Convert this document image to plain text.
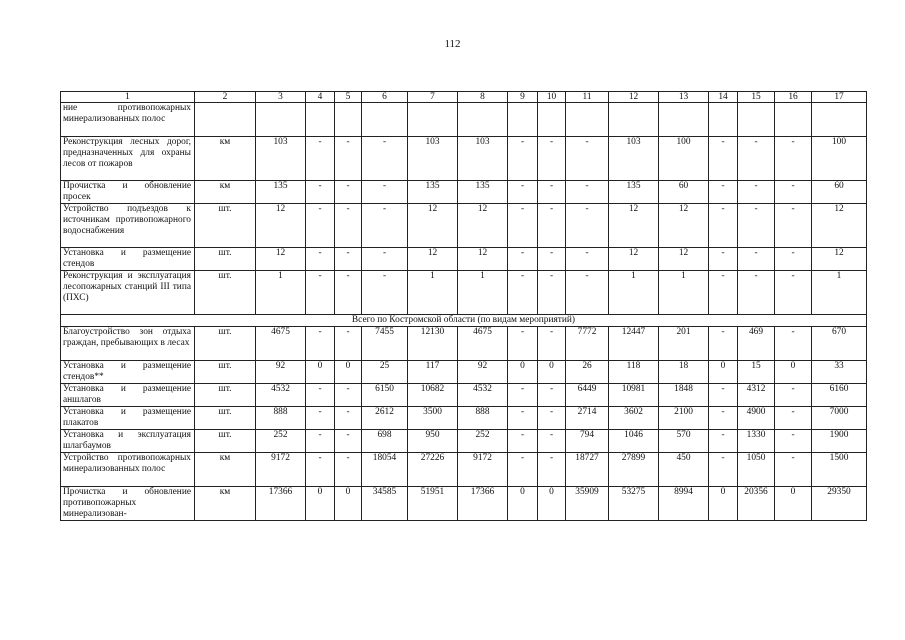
112
1	2	3	4	5	6	7	8	9	10	11	12	13	14	15	16	17
ние противопожарных минерализованных полос																
Реконструкция лесных дорог, предназначенных для охраны лесов от пожаров	км	103	-	-	-	103	103	-	-	-	103	100	-	-	-	100
Прочистка и обновление просек	км	135	-	-	-	135	135	-	-	-	135	60	-	-	-	60
Устройство подъездов к источникам противопожарного водоснабжения	шт.	12	-	-	-	12	12	-	-	-	12	12	-	-	-	12
Установка и размещение стендов	шт.	12	-	-	-	12	12	-	-	-	12	12	-	-	-	12
Реконструкция и эксплуатация лесопожарных станций III типа (ПХС)	шт.	1	-	-	-	1	1	-	-	-	1	1	-	-	-	1
Всего по Костромской области (по видам мероприятий)																
Благоустройство зон отдыха граждан, пребывающих в лесах	шт.	4675	-	-	7455	12130	4675	-	-	7772	12447	201	-	469	-	670
Установка и размещение стендов**	шт.	92	0	0	25	117	92	0	0	26	118	18	0	15	0	33
Установка и размещение аншлагов	шт.	4532	-	-	6150	10682	4532	-	-	6449	10981	1848	-	4312	-	6160
Установка и размещение плакатов	шт.	888	-	-	2612	3500	888	-	-	2714	3602	2100	-	4900	-	7000
Установка и эксплуатация шлагбаумов	шт.	252	-	-	698	950	252	-	-	794	1046	570	-	1330	-	1900
Устройство противопожарных минерализованных полос	км	9172	-	-	18054	27226	9172	-	-	18727	27899	450	-	1050	-	1500
Прочистка и обновление противопожарных минерализован-	км	17366	0	0	34585	51951	17366	0	0	35909	53275	8994	0	20356	0	29350
